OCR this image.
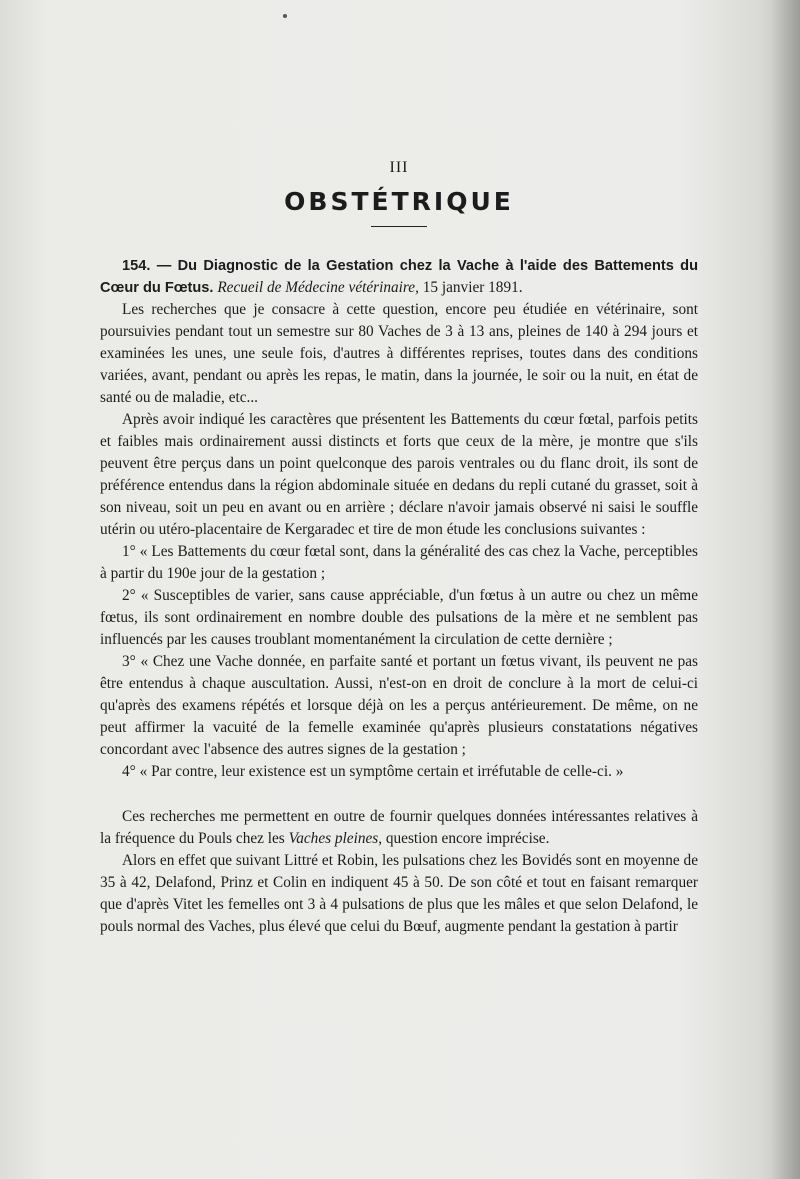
III
OBSTÉTRIQUE

154. — Du Diagnostic de la Gestation chez la Vache à l'aide des Battements du Cœur du Fœtus. Recueil de Médecine vétérinaire, 15 janvier 1891.

Les recherches que je consacre à cette question, encore peu étudiée en vétérinaire, sont poursuivies pendant tout un semestre sur 80 Vaches de 3 à 13 ans, pleines de 140 à 294 jours et examinées les unes, une seule fois, d'autres à différentes reprises, toutes dans des conditions variées, avant, pendant ou après les repas, le matin, dans la journée, le soir ou la nuit, en état de santé ou de maladie, etc...

Après avoir indiqué les caractères que présentent les Battements du cœur fœtal, parfois petits et faibles mais ordinairement aussi distincts et forts que ceux de la mère, je montre que s'ils peuvent être perçus dans un point quelconque des parois ventrales ou du flanc droit, ils sont de préférence entendus dans la région abdominale située en dedans du repli cutané du grasset, soit à son niveau, soit un peu en avant ou en arrière ; déclare n'avoir jamais observé ni saisi le souffle utérin ou utéro-placentaire de Kergaradec et tire de mon étude les conclusions suivantes :

1° « Les Battements du cœur fœtal sont, dans la généralité des cas chez la Vache, perceptibles à partir du 190e jour de la gestation ;

2° « Susceptibles de varier, sans cause appréciable, d'un fœtus à un autre ou chez un même fœtus, ils sont ordinairement en nombre double des pulsations de la mère et ne semblent pas influencés par les causes troublant momentanément la circulation de cette dernière ;

3° « Chez une Vache donnée, en parfaite santé et portant un fœtus vivant, ils peuvent ne pas être entendus à chaque auscultation. Aussi, n'est-on en droit de conclure à la mort de celui-ci qu'après des examens répétés et lorsque déjà on les a perçus antérieurement. De même, on ne peut affirmer la vacuité de la femelle examinée qu'après plusieurs constatations négatives concordant avec l'absence des autres signes de la gestation ;

4° « Par contre, leur existence est un symptôme certain et irréfutable de celle-ci. »

Ces recherches me permettent en outre de fournir quelques données intéressantes relatives à la fréquence du Pouls chez les Vaches pleines, question encore imprécise.

Alors en effet que suivant Littré et Robin, les pulsations chez les Bovidés sont en moyenne de 35 à 42, Delafond, Prinz et Colin en indiquent 45 à 50. De son côté et tout en faisant remarquer que d'après Vitet les femelles ont 3 à 4 pulsations de plus que les mâles et que selon Delafond, le pouls normal des Vaches, plus élevé que celui du Bœuf, augmente pendant la gestation à partir
